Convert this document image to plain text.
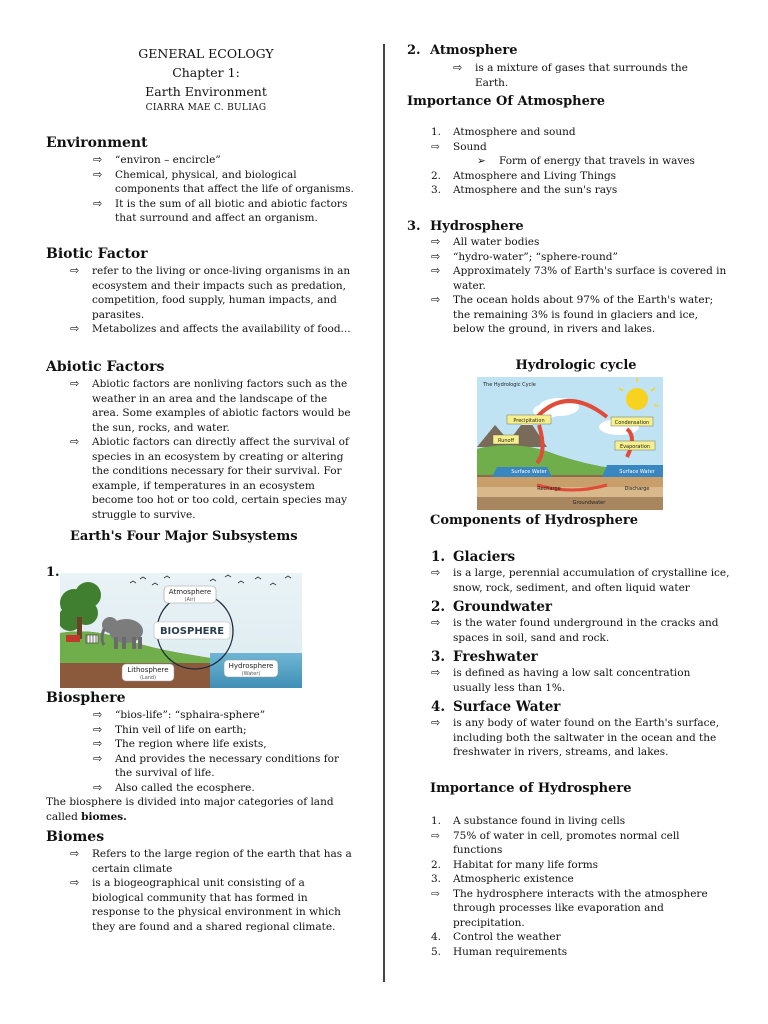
GENERAL ECOLOGY
Chapter 1:
Earth Environment
CIARRA MAE C. BULIAG
Environment
⇨ “environ – encircle”
⇨ Chemical, physical, and biological components that affect the life of organisms.
⇨ It is the sum of all biotic and abiotic factors that surround and affect an organism.
Biotic Factor
⇨ refer to the living or once-living organisms in an ecosystem and their impacts such as predation, competition, food supply, human impacts, and parasites.
⇨ Metabolizes and affects the availability of food...
Abiotic Factors
⇨ Abiotic factors are nonliving factors such as the weather in an area and the landscape of the area. Some examples of abiotic factors would be the sun, rocks, and water.
⇨ Abiotic factors can directly affect the survival of species in an ecosystem by creating or altering the conditions necessary for their survival. For example, if temperatures in an ecosystem become too hot or too cold, certain species may struggle to survive.
Earth's Four Major Subsystems
1.
Atmosphere
(Air)
BIOSPHERE
Lithosphere
(Land)
Hydrosphere
(Water)
Biosphere
⇨ “bios-life”: “sphaira-sphere”
⇨ Thin veil of life on earth;
⇨ The region where life exists,
⇨ And provides the necessary conditions for the survival of life.
⇨ Also called the ecosphere.
The biosphere is divided into major categories of land called biomes.
Biomes
⇨ Refers to the large region of the earth that has a certain climate
⇨ is a biogeographical unit consisting of a biological community that has formed in response to the physical environment in which they are found and a shared regional climate.
2. Atmosphere
⇨ is a mixture of gases that surrounds the Earth.
Importance Of Atmosphere
1. Atmosphere and sound
⇨ Sound
➢ Form of energy that travels in waves
2. Atmosphere and Living Things
3. Atmosphere and the sun's rays
3. Hydrosphere
⇨ All water bodies
⇨ “hydro-water”; “sphere-round”
⇨ Approximately 73% of Earth's surface is covered in water.
⇨ The ocean holds about 97% of the Earth's water; the remaining 3% is found in glaciers and ice, below the ground, in rivers and lakes.
Hydrologic cycle
The Hydrologic Cycle
Precipitation	Condensation
Runoff
Evaporation
Surface Water	Surface Water
Recharge
Groundwater
Discharge
Components of Hydrosphere
1. Glaciers
⇨ is a large, perennial accumulation of crystalline ice, snow, rock, sediment, and often liquid water
2. Groundwater
⇨ is the water found underground in the cracks and spaces in soil, sand and rock.
3. Freshwater
⇨ is defined as having a low salt concentration usually less than 1%.
4. Surface Water
⇨ is any body of water found on the Earth's surface, including both the saltwater in the ocean and the freshwater in rivers, streams, and lakes.
Importance of Hydrosphere
1. A substance found in living cells
⇨ 75% of water in cell, promotes normal cell functions
2. Habitat for many life forms
3. Atmospheric existence
⇨ The hydrosphere interacts with the atmosphere through processes like evaporation and precipitation.
4. Control the weather
5. Human requirements
